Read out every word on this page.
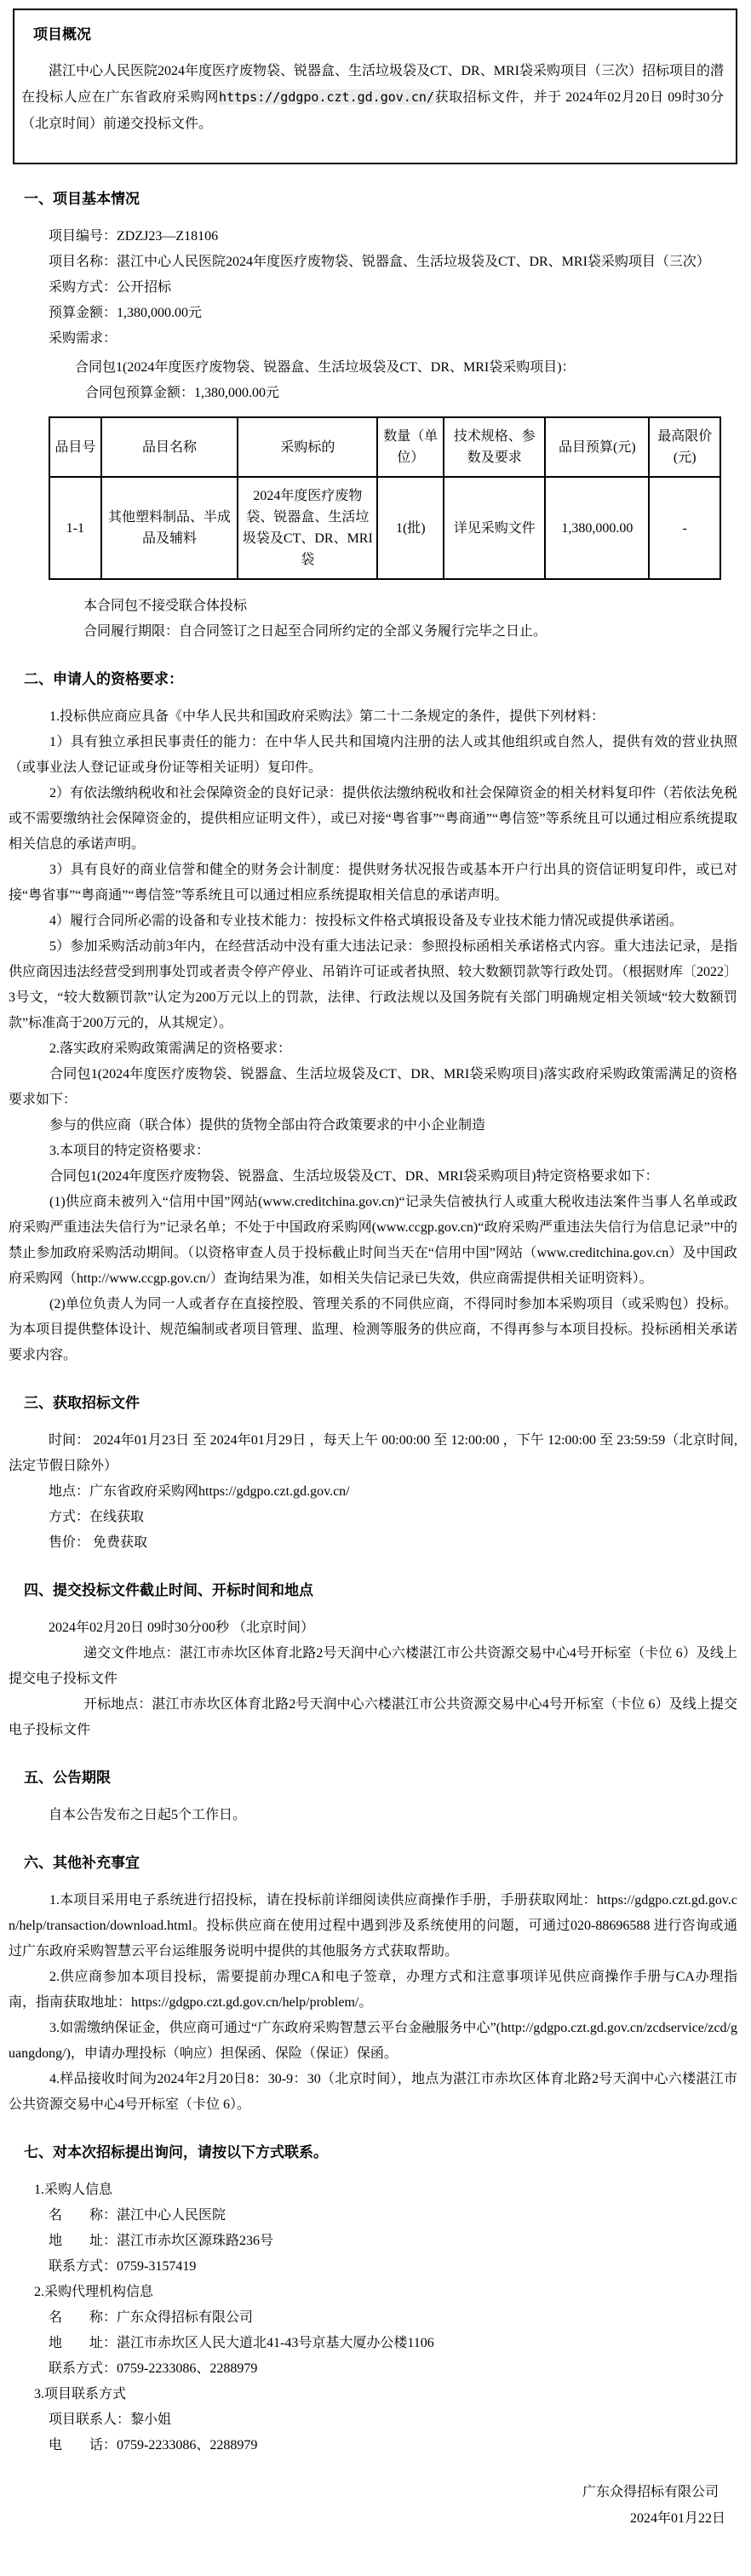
项目概况

湛江中心人民医院2024年度医疗废物袋、锐器盒、生活垃圾袋及CT、DR、MRI袋采购项目（三次）招标项目的潜在投标人应在广东省政府采购网https://gdgpo.czt.gd.gov.cn/获取招标文件，并于 2024年02月20日 09时30分（北京时间）前递交投标文件。

一、项目基本情况

项目编号：ZDZJ23—Z18106

项目名称：湛江中心人民医院2024年度医疗废物袋、锐器盒、生活垃圾袋及CT、DR、MRI袋采购项目（三次）

采购方式：公开招标

预算金额：1,380,000.00元

采购需求：

合同包1(2024年度医疗废物袋、锐器盒、生活垃圾袋及CT、DR、MRI袋采购项目)：

合同包预算金额：1,380,000.00元

品目号	品目名称	采购标的	数量（单位）	技术规格、参数及要求	品目预算(元)	最高限价(元)
1-1	其他塑料制品、半成品及辅料	2024年度医疗废物袋、锐器盒、生活垃圾袋及CT、DR、MRI袋	1(批)	详见采购文件	1,380,000.00	-

本合同包不接受联合体投标

合同履行期限：自合同签订之日起至合同所约定的全部义务履行完毕之日止。

二、申请人的资格要求：

1.投标供应商应具备《中华人民共和国政府采购法》第二十二条规定的条件，提供下列材料：

1）具有独立承担民事责任的能力：在中华人民共和国境内注册的法人或其他组织或自然人，提供有效的营业执照（或事业法人登记证或身份证等相关证明）复印件。

2）有依法缴纳税收和社会保障资金的良好记录：提供依法缴纳税收和社会保障资金的相关材料复印件（若依法免税或不需要缴纳社会保障资金的，提供相应证明文件），或已对接“粤省事”“粤商通”“粤信签”等系统且可以通过相应系统提取相关信息的承诺声明。

3）具有良好的商业信誉和健全的财务会计制度：提供财务状况报告或基本开户行出具的资信证明复印件，或已对接“粤省事”“粤商通”“粤信签”等系统且可以通过相应系统提取相关信息的承诺声明。

4）履行合同所必需的设备和专业技术能力：按投标文件格式填报设备及专业技术能力情况或提供承诺函。

5）参加采购活动前3年内，在经营活动中没有重大违法记录：参照投标函相关承诺格式内容。重大违法记录，是指供应商因违法经营受到刑事处罚或者责令停产停业、吊销许可证或者执照、较大数额罚款等行政处罚。（根据财库〔2022〕3号文，“较大数额罚款”认定为200万元以上的罚款，法律、行政法规以及国务院有关部门明确规定相关领域“较大数额罚款”标准高于200万元的，从其规定）。

2.落实政府采购政策需满足的资格要求：

合同包1(2024年度医疗废物袋、锐器盒、生活垃圾袋及CT、DR、MRI袋采购项目)落实政府采购政策需满足的资格要求如下：

参与的供应商（联合体）提供的货物全部由符合政策要求的中小企业制造

3.本项目的特定资格要求：

合同包1(2024年度医疗废物袋、锐器盒、生活垃圾袋及CT、DR、MRI袋采购项目)特定资格要求如下：

(1)供应商未被列入“信用中国”网站(www.creditchina.gov.cn)“记录失信被执行人或重大税收违法案件当事人名单或政府采购严重违法失信行为”记录名单；不处于中国政府采购网(www.ccgp.gov.cn)“政府采购严重违法失信行为信息记录”中的禁止参加政府采购活动期间。（以资格审查人员于投标截止时间当天在“信用中国”网站（www.creditchina.gov.cn）及中国政府采购网（http://www.ccgp.gov.cn/）查询结果为准，如相关失信记录已失效，供应商需提供相关证明资料）。

(2)单位负责人为同一人或者存在直接控股、管理关系的不同供应商，不得同时参加本采购项目（或采购包）投标。为本项目提供整体设计、规范编制或者项目管理、监理、检测等服务的供应商，不得再参与本项目投标。投标函相关承诺要求内容。

三、获取招标文件

时间： 2024年01月23日 至 2024年01月29日 ，每天上午 00:00:00 至 12:00:00 ，下午 12:00:00 至 23:59:59（北京时间,法定节假日除外）

地点：广东省政府采购网https://gdgpo.czt.gd.gov.cn/

方式：在线获取

售价： 免费获取

四、提交投标文件截止时间、开标时间和地点

2024年02月20日 09时30分00秒 （北京时间）

递交文件地点：湛江市赤坎区体育北路2号天润中心六楼湛江市公共资源交易中心4号开标室（卡位 6）及线上提交电子投标文件

开标地点：湛江市赤坎区体育北路2号天润中心六楼湛江市公共资源交易中心4号开标室（卡位 6）及线上提交电子投标文件

五、公告期限

自本公告发布之日起5个工作日。

六、其他补充事宜

1.本项目采用电子系统进行招投标，请在投标前详细阅读供应商操作手册，手册获取网址：https://gdgpo.czt.gd.gov.cn/help/transaction/download.html。投标供应商在使用过程中遇到涉及系统使用的问题，可通过020-88696588 进行咨询或通过广东政府采购智慧云平台运维服务说明中提供的其他服务方式获取帮助。

2.供应商参加本项目投标，需要提前办理CA和电子签章，办理方式和注意事项详见供应商操作手册与CA办理指南，指南获取地址：https://gdgpo.czt.gd.gov.cn/help/problem/。

3.如需缴纳保证金，供应商可通过“广东政府采购智慧云平台金融服务中心”(http://gdgpo.czt.gd.gov.cn/zcdservice/zcd/guangdong/)，申请办理投标（响应）担保函、保险（保证）保函。

4.样品接收时间为2024年2月20日8：30-9：30（北京时间），地点为湛江市赤坎区体育北路2号天润中心六楼湛江市公共资源交易中心4号开标室（卡位 6）。

七、对本次招标提出询问，请按以下方式联系。

1.采购人信息

名　　称：湛江中心人民医院

地　　址：湛江市赤坎区源珠路236号

联系方式：0759-3157419

2.采购代理机构信息

名　　称：广东众得招标有限公司

地　　址：湛江市赤坎区人民大道北41-43号京基大厦办公楼1106

联系方式：0759-2233086、2288979

3.项目联系方式

项目联系人：黎小姐

电　　话：0759-2233086、2288979

广东众得招标有限公司

2024年01月22日
